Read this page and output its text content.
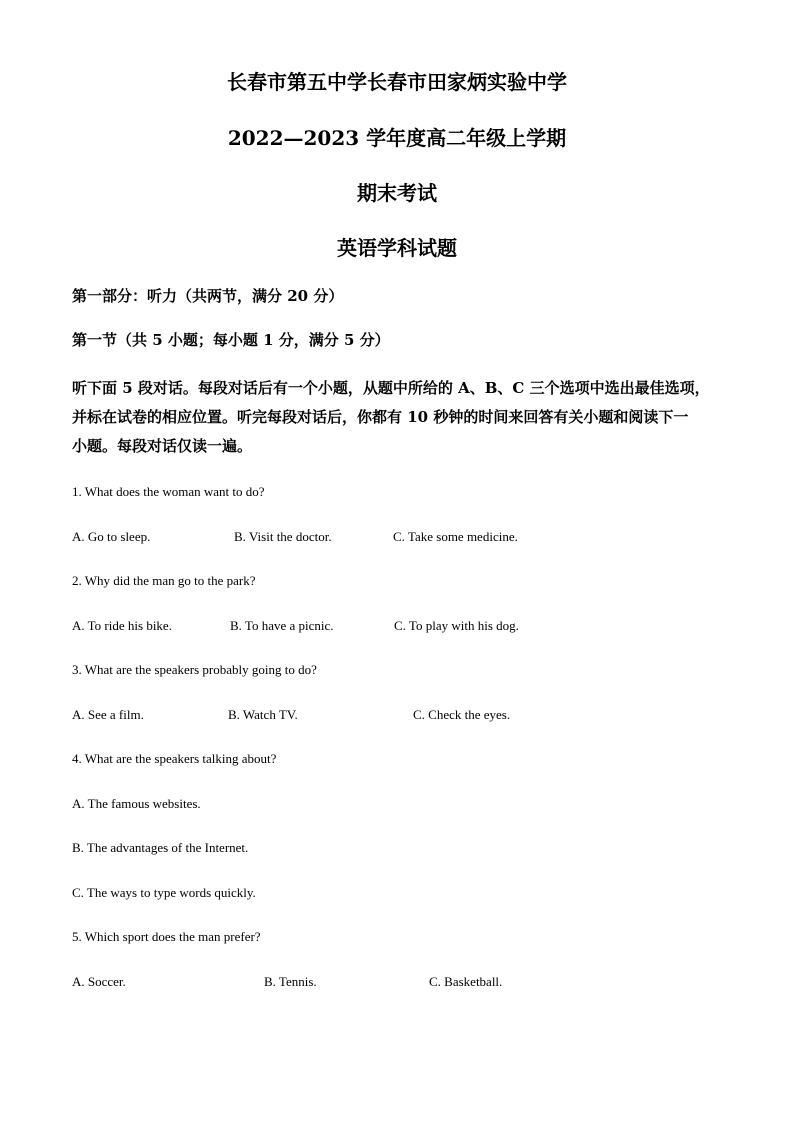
长春市第五中学长春市田家炳实验中学
2022—2023 学年度高二年级上学期
期末考试
英语学科试题
第一部分：听力（共两节，满分 20 分）
第一节（共 5 小题；每小题 1 分，满分 5 分）
听下面 5 段对话。每段对话后有一个小题，从题中所给的 A、B、C 三个选项中选出最佳选项，
并标在试卷的相应位置。听完每段对话后，你都有 10 秒钟的时间来回答有关小题和阅读下一
小题。每段对话仅读一遍。
1. What does the woman want to do?
A. Go to sleep.	B. Visit the doctor.	C. Take some medicine.
2. Why did the man go to the park?
A. To ride his bike.	B. To have a picnic.	C. To play with his dog.
3. What are the speakers probably going to do?
A. See a film.	B. Watch TV.	C. Check the eyes.
4. What are the speakers talking about?
A. The famous websites.
B. The advantages of the Internet.
C. The ways to type words quickly.
5. Which sport does the man prefer?
A. Soccer.	B. Tennis.	C. Basketball.
